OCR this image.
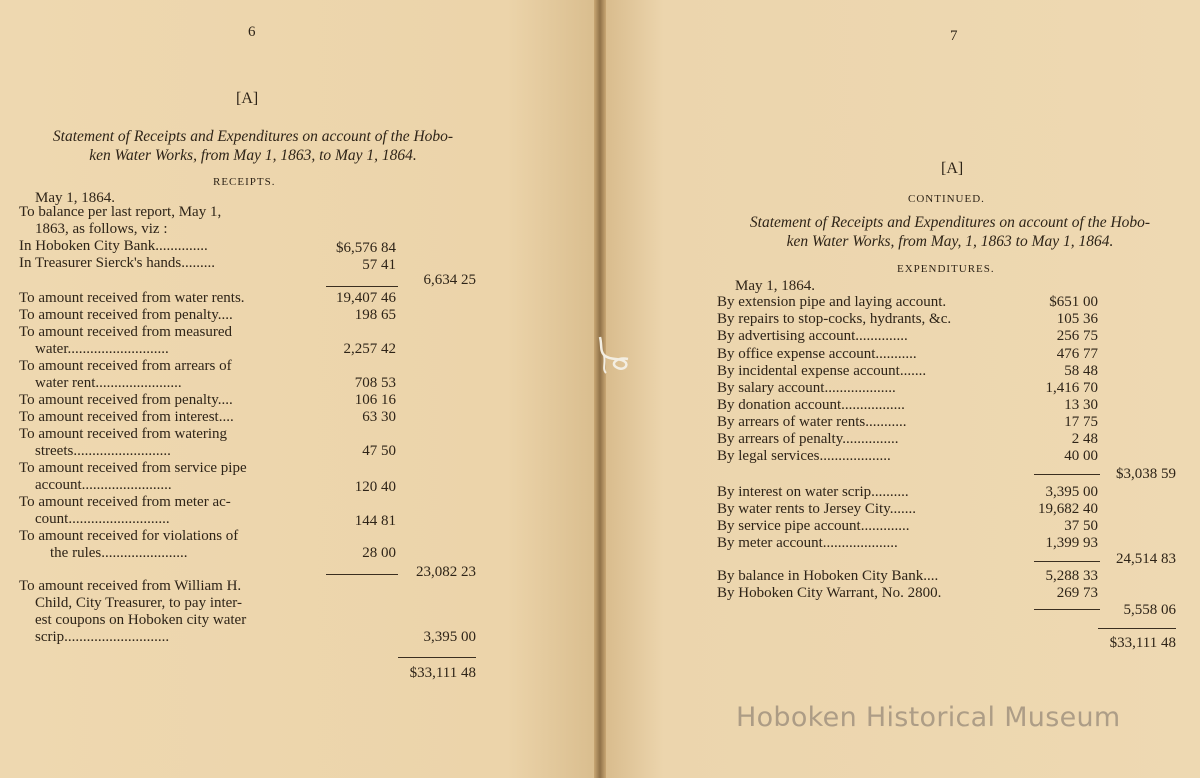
6
[A]
Statement of Receipts and Expenditures on account of the Hobo-
ken Water Works, from May 1, 1863, to May 1, 1864.
RECEIPTS.
May 1, 1864.
To balance per last report, May 1,
1863, as follows, viz :
In Hoboken City Bank..............
In Treasurer Sierck's hands.........
To amount received from water rents.
To amount received from penalty....
To amount received from measured
water...........................
To amount received from arrears of
water rent.......................
To amount received from penalty....
To amount received from interest....
To amount received from watering
streets..........................
To amount received from service pipe
account........................
To amount received from meter ac-
count...........................
To amount received for violations of
the rules.......................
To amount received from William H.
Child, City Treasurer, to pay inter-
est coupons on Hoboken city water
scrip............................
$6,576 84
57 41
6,634 25
19,407 46
198 65
2,257 42
708 53
106 16
63 30
47 50
120 40
144 81
28 00
23,082 23
3,395 00
$33,111 48
7
[A]
CONTINUED.
Statement of Receipts and Expenditures on account of the Hobo-
ken Water Works, from May, 1, 1863 to May 1, 1864.
EXPENDITURES.
May 1, 1864.
By extension pipe and laying account.
By repairs to stop-cocks, hydrants, &c.
By advertising account..............
By office expense account...........
By incidental expense account.......
By salary account...................
By donation account.................
By arrears of water rents...........
By arrears of penalty...............
By legal services...................
By interest on water scrip..........
By water rents to Jersey City.......
By service pipe account.............
By meter account....................
By balance in Hoboken City Bank....
By Hoboken City Warrant, No. 2800.
$651 00
105 36
256 75
476 77
58 48
1,416 70
13 30
17 75
2 48
40 00
$3,038 59
3,395 00
19,682 40
37 50
1,399 93
24,514 83
5,288 33
269 73
5,558 06
$33,111 48
Hoboken Historical Museum
